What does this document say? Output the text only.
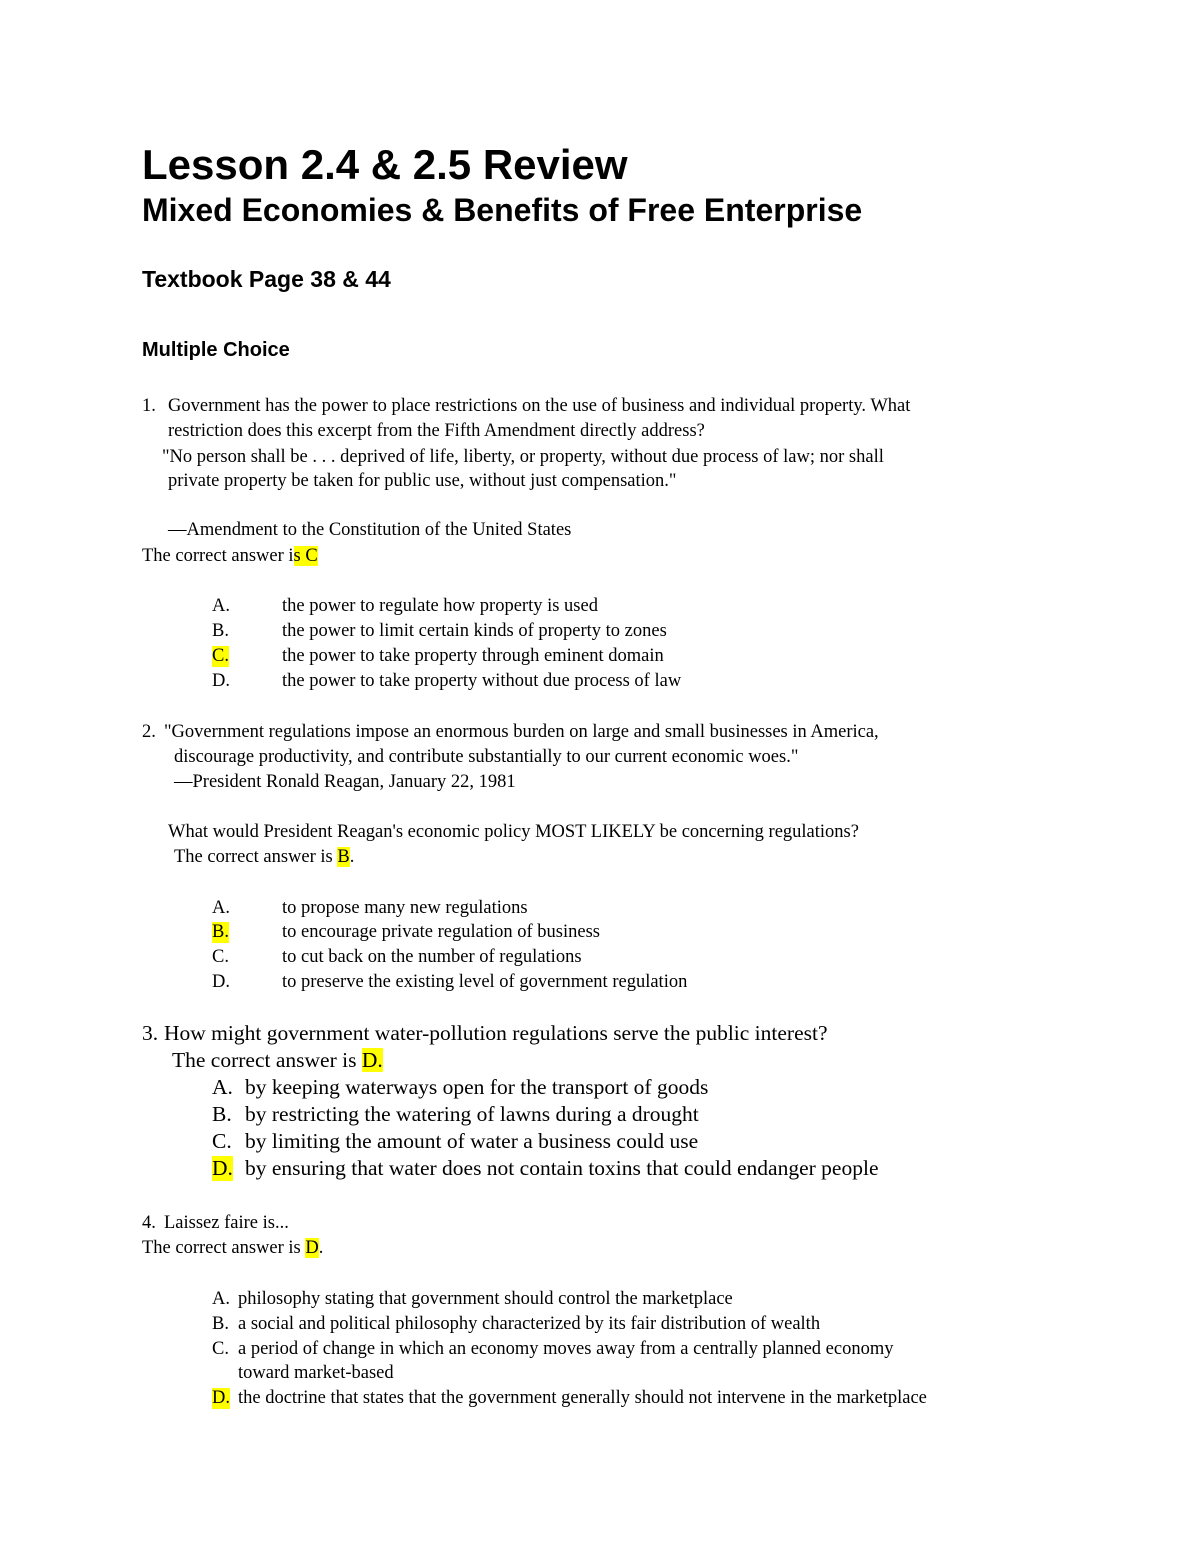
Lesson 2.4 & 2.5 Review
Mixed Economies & Benefits of Free Enterprise
Textbook Page 38 & 44
Multiple Choice
1. Government has the power to place restrictions on the use of business and individual property. What
restriction does this excerpt from the Fifth Amendment directly address?
"No person shall be . . . deprived of life, liberty, or property, without due process of law; nor shall
private property be taken for public use, without just compensation."
—Amendment to the Constitution of the United States
The correct answer is C
A.	the power to regulate how property is used
B.	the power to limit certain kinds of property to zones
C.	the power to take property through eminent domain
D.	the power to take property without due process of law
2. "Government regulations impose an enormous burden on large and small businesses in America,
discourage productivity, and contribute substantially to our current economic woes."
—President Ronald Reagan, January 22, 1981
What would President Reagan's economic policy MOST LIKELY be concerning regulations?
The correct answer is B.
A.	to propose many new regulations
B.	to encourage private regulation of business
C.	to cut back on the number of regulations
D.	to preserve the existing level of government regulation
3. How might government water-pollution regulations serve the public interest?
The correct answer is D.
A. by keeping waterways open for the transport of goods
B. by restricting the watering of lawns during a drought
C. by limiting the amount of water a business could use
D. by ensuring that water does not contain toxins that could endanger people
4. Laissez faire is...
The correct answer is D.
A. philosophy stating that government should control the marketplace
B. a social and political philosophy characterized by its fair distribution of wealth
C. a period of change in which an economy moves away from a centrally planned economy
toward market-based
D. the doctrine that states that the government generally should not intervene in the marketplace
